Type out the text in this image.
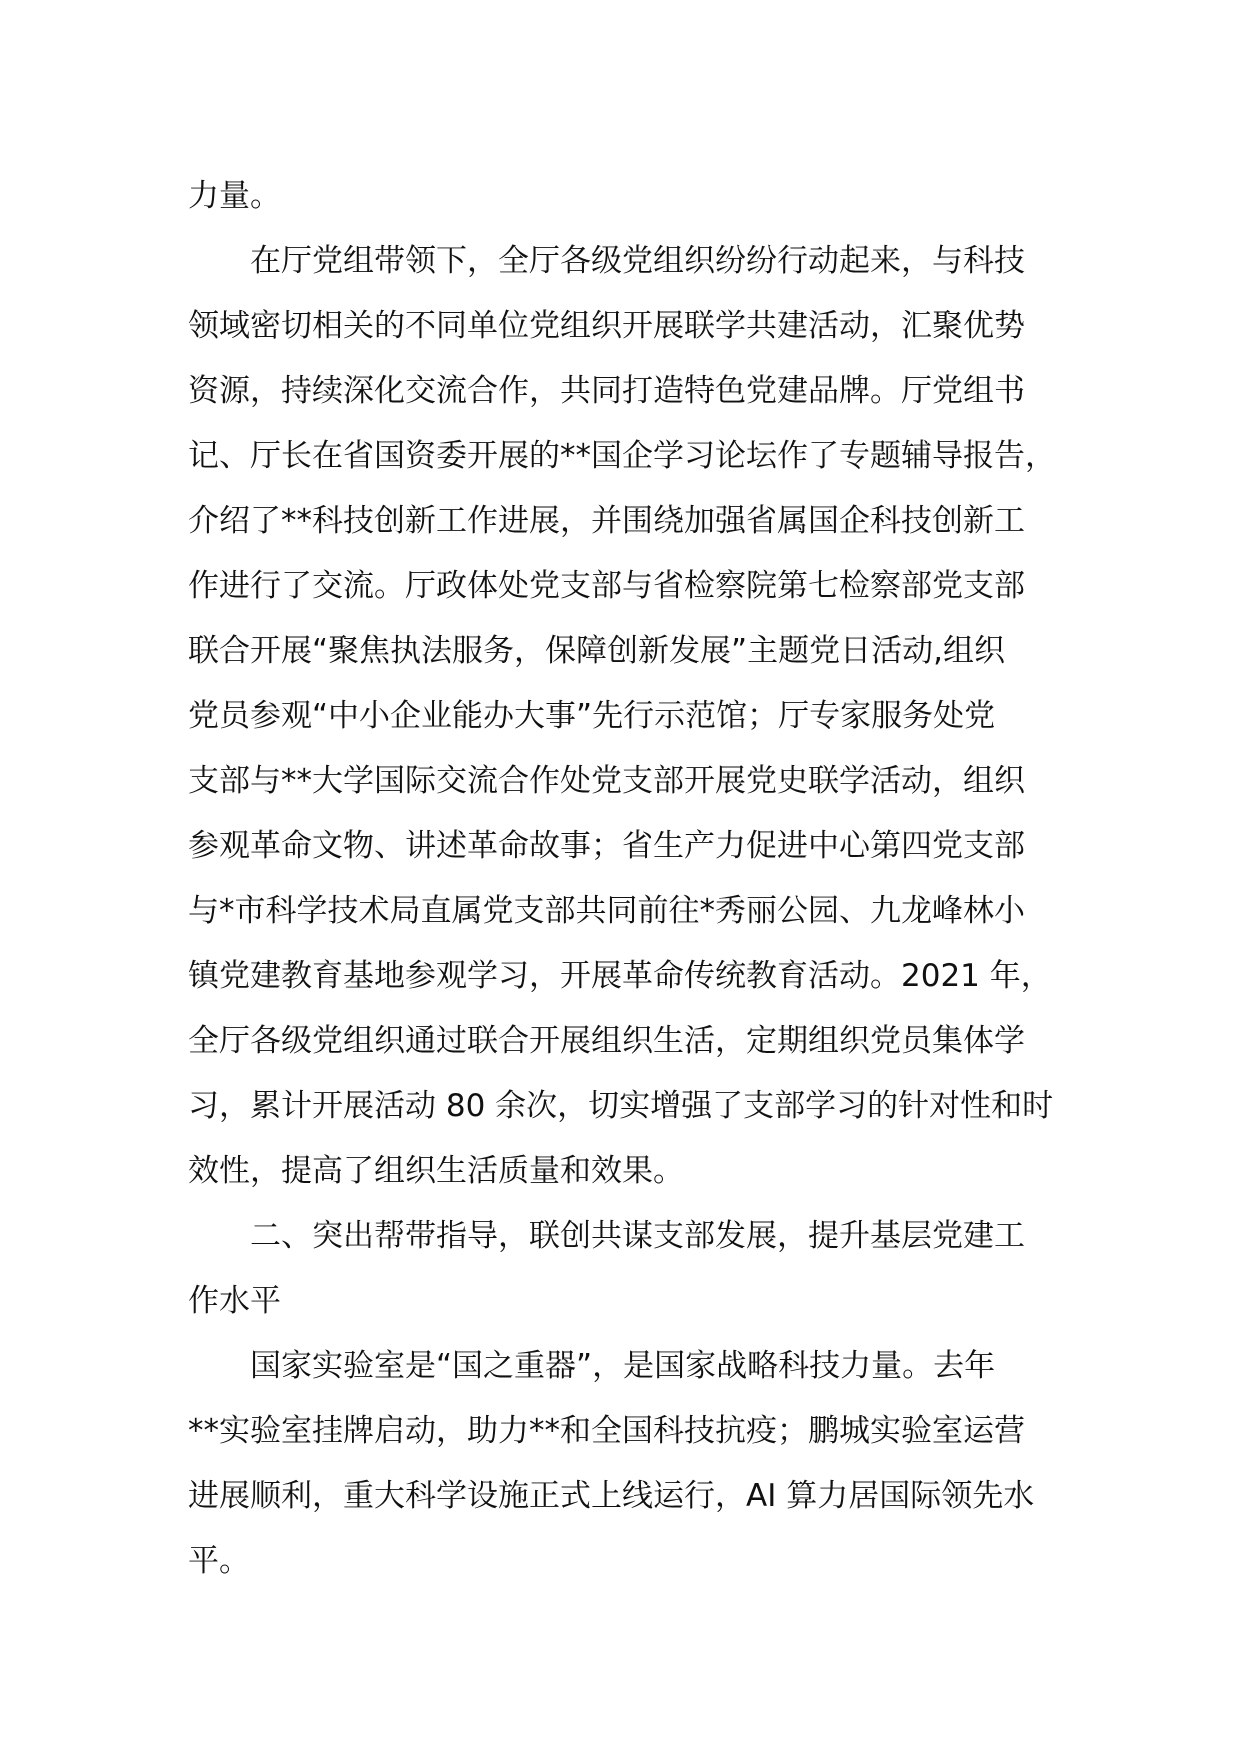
力量。

　　在厅党组带领下，全厅各级党组织纷纷行动起来，与科技
领域密切相关的不同单位党组织开展联学共建活动，汇聚优势
资源，持续深化交流合作，共同打造特色党建品牌。厅党组书
记、厅长在省国资委开展的**国企学习论坛作了专题辅导报告，
介绍了**科技创新工作进展，并围绕加强省属国企科技创新工
作进行了交流。厅政体处党支部与省检察院第七检察部党支部
联合开展“聚焦执法服务，保障创新发展”主题党日活动,组织
党员参观“中小企业能办大事”先行示范馆；厅专家服务处党
支部与**大学国际交流合作处党支部开展党史联学活动，组织
参观革命文物、讲述革命故事；省生产力促进中心第四党支部
与*市科学技术局直属党支部共同前往*秀丽公园、九龙峰林小
镇党建教育基地参观学习，开展革命传统教育活动。2021 年，
全厅各级党组织通过联合开展组织生活，定期组织党员集体学
习，累计开展活动 80 余次，切实增强了支部学习的针对性和时
效性，提高了组织生活质量和效果。

　　二、突出帮带指导，联创共谋支部发展，提升基层党建工
作水平

　　国家实验室是“国之重器”，是国家战略科技力量。去年
**实验室挂牌启动，助力**和全国科技抗疫；鹏城实验室运营
进展顺利，重大科学设施正式上线运行，AI 算力居国际领先水
平。
